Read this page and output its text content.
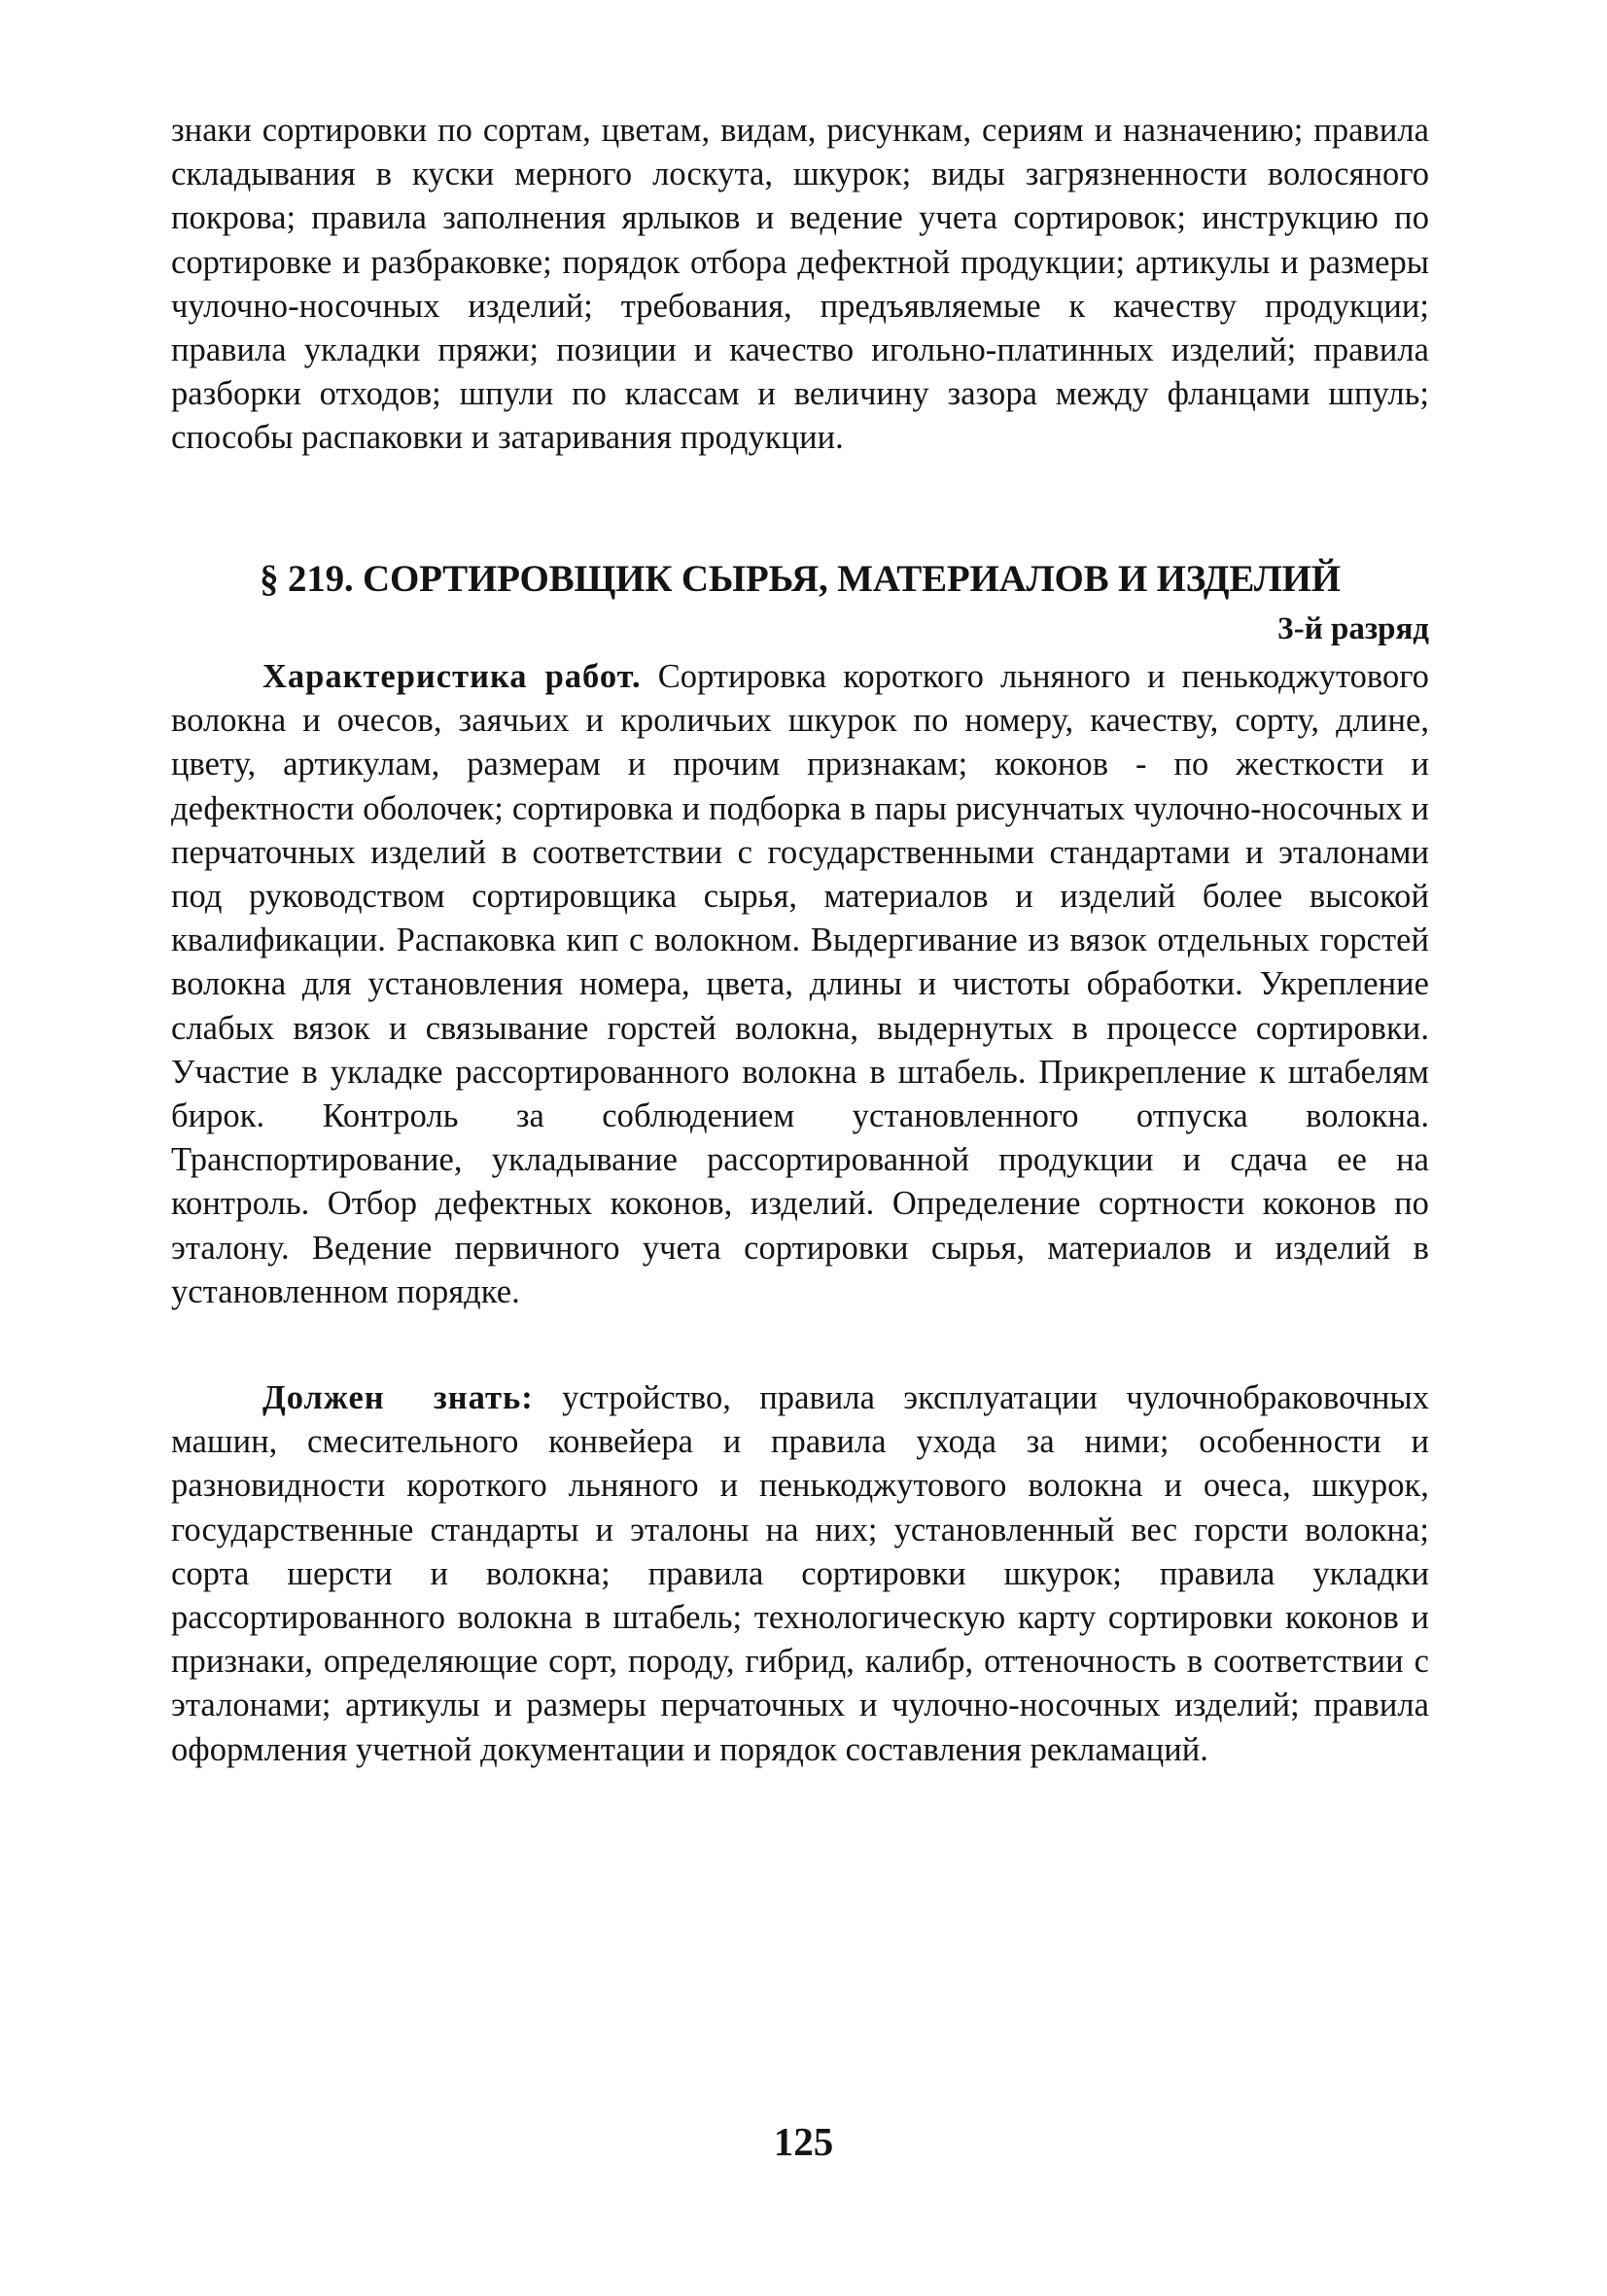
знаки сортировки по сортам, цветам, видам, рисункам, сериям и назначению; правила складывания в куски мерного лоскута, шкурок; виды загрязненности волосяного покрова; правила заполнения ярлыков и ведение учета сортировок; инструкцию по сортировке и разбраковке; порядок отбора дефектной продукции; артикулы и размеры чулочно-носочных изделий; требования, предъявляемые к качеству продукции; правила укладки пряжи; позиции и качество игольно-платинных изделий; правила разборки отходов; шпули по классам и величину зазора между фланцами шпуль; способы распаковки и затаривания продукции.

§ 219. СОРТИРОВЩИК СЫРЬЯ, МАТЕРИАЛОВ И ИЗДЕЛИЙ

3-й разряд

Характеристика работ. Сортировка короткого льняного и пенькоджутового волокна и очесов, заячьих и кроличьих шкурок по номеру, качеству, сорту, длине, цвету, артикулам, размерам и прочим признакам; коконов - по жесткости и дефектности оболочек; сортировка и подборка в пары рисунчатых чулочно-носочных и перчаточных изделий в соответствии с государственными стандартами и эталонами под руководством сортировщика сырья, материалов и изделий более высокой квалификации. Распаковка кип с волокном. Выдергивание из вязок отдельных горстей волокна для установления номера, цвета, длины и чистоты обработки. Укрепление слабых вязок и связывание горстей волокна, выдернутых в процессе сортировки. Участие в укладке рассортированного волокна в штабель. Прикрепление к штабелям бирок. Контроль за соблюдением установленного отпуска волокна. Транспортирование, укладывание рассортированной продукции и сдача ее на контроль. Отбор дефектных коконов, изделий. Определение сортности коконов по эталону. Ведение первичного учета сортировки сырья, материалов и изделий в установленном порядке.

Должен знать: устройство, правила эксплуатации чулочнобраковочных машин, смесительного конвейера и правила ухода за ними; особенности и разновидности короткого льняного и пенькоджутового волокна и очеса, шкурок, государственные стандарты и эталоны на них; установленный вес горсти волокна; сорта шерсти и волокна; правила сортировки шкурок; правила укладки рассортированного волокна в штабель; технологическую карту сортировки коконов и признаки, определяющие сорт, породу, гибрид, калибр, оттеночность в соответствии с эталонами; артикулы и размеры перчаточных и чулочно-носочных изделий; правила оформления учетной документации и порядок составления рекламаций.

125
